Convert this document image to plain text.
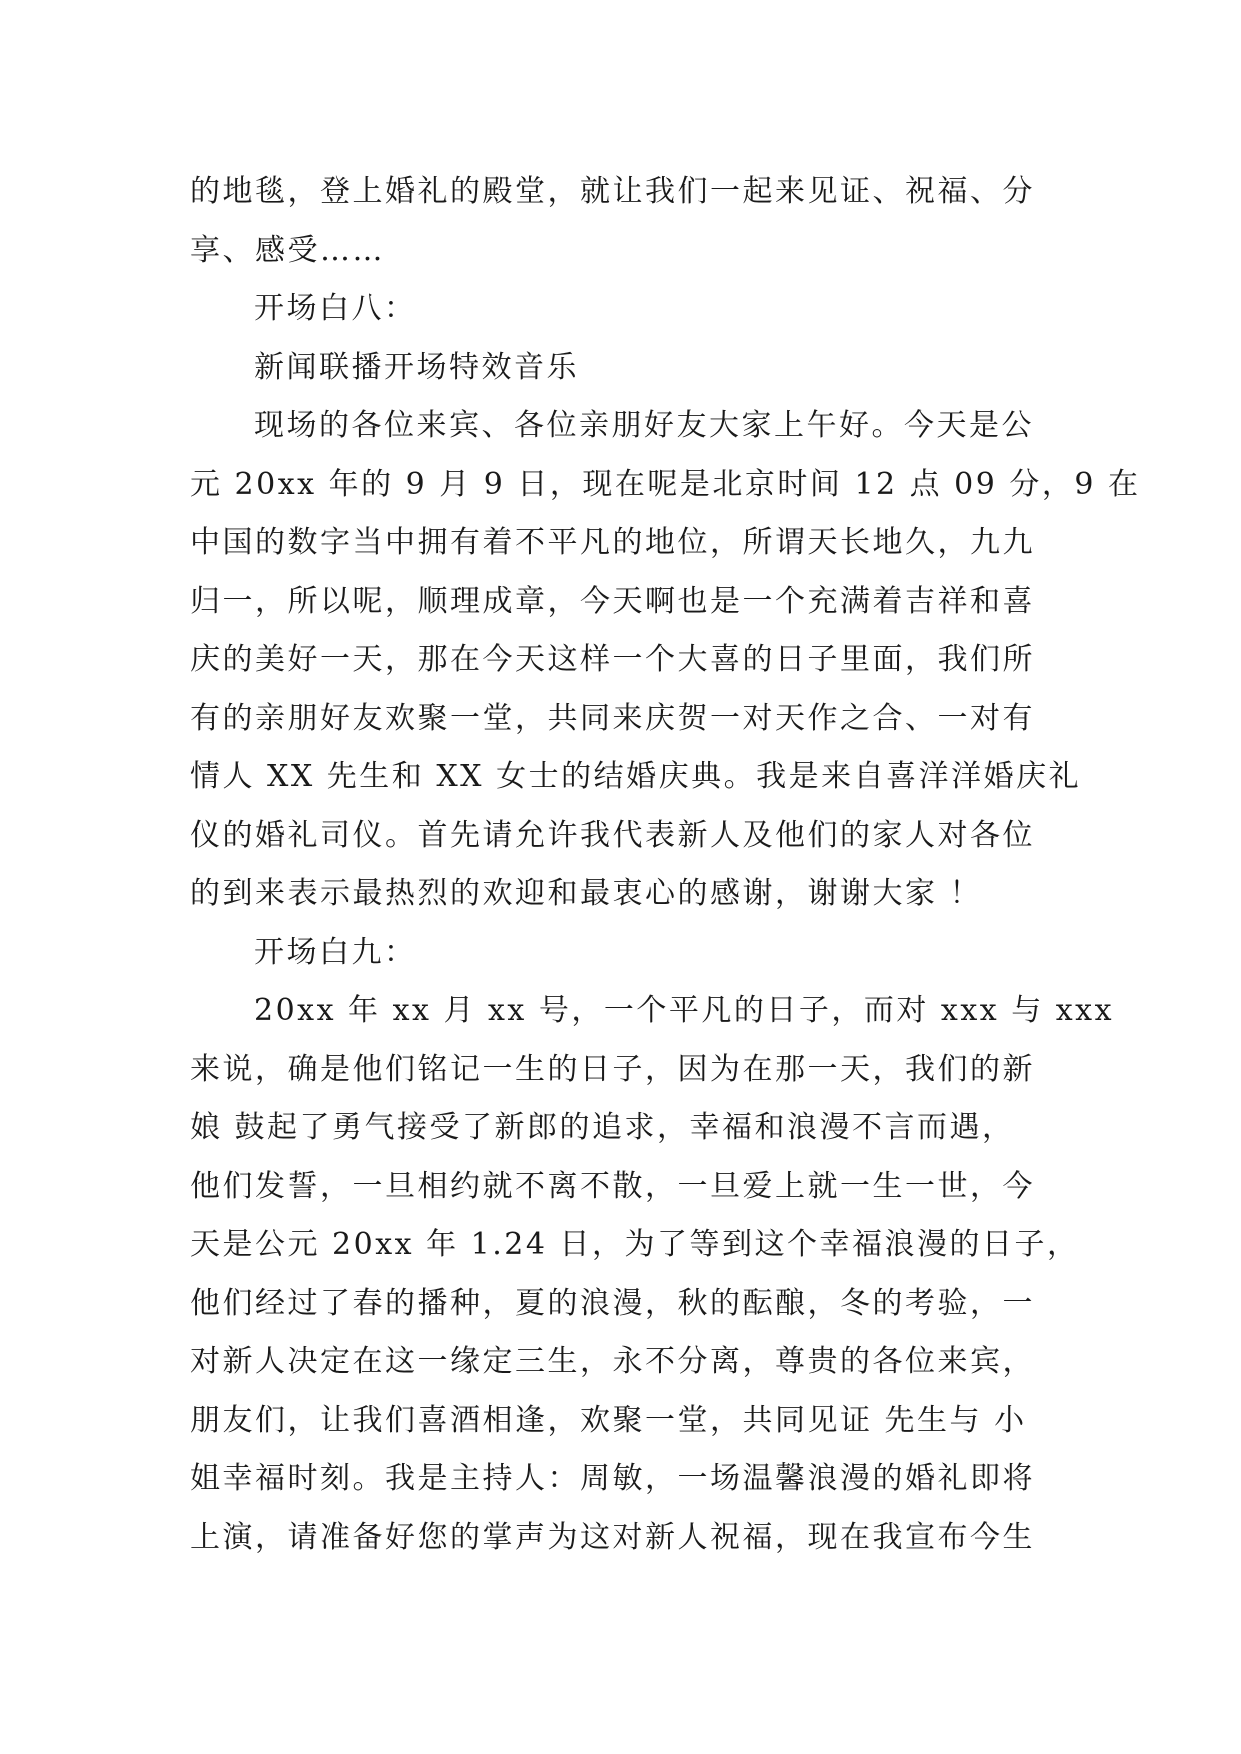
的地毯，登上婚礼的殿堂，就让我们一起来见证、祝福、分
享、感受……
开场白八：
新闻联播开场特效音乐
现场的各位来宾、各位亲朋好友大家上午好。今天是公
元 20xx 年的 9 月 9 日，现在呢是北京时间 12 点 09 分，9 在
中国的数字当中拥有着不平凡的地位，所谓天长地久，九九
归一，所以呢，顺理成章，今天啊也是一个充满着吉祥和喜
庆的美好一天，那在今天这样一个大喜的日子里面，我们所
有的亲朋好友欢聚一堂，共同来庆贺一对天作之合、一对有
情人 XX 先生和 XX 女士的结婚庆典。我是来自喜洋洋婚庆礼
仪的婚礼司仪。首先请允许我代表新人及他们的家人对各位
的到来表示最热烈的欢迎和最衷心的感谢，谢谢大家 ！
开场白九：
20xx 年 xx 月 xx 号，一个平凡的日子，而对 xxx 与 xxx
来说，确是他们铭记一生的日子，因为在那一天，我们的新
娘 鼓起了勇气接受了新郎的追求，幸福和浪漫不言而遇，
他们发誓，一旦相约就不离不散，一旦爱上就一生一世，今
天是公元 20xx 年 1.24 日，为了等到这个幸福浪漫的日子，
他们经过了春的播种，夏的浪漫，秋的酝酿，冬的考验，一
对新人决定在这一缘定三生，永不分离，尊贵的各位来宾，
朋友们，让我们喜酒相逢，欢聚一堂，共同见证 先生与 小
姐幸福时刻。我是主持人：周敏，一场温馨浪漫的婚礼即将
上演，请准备好您的掌声为这对新人祝福，现在我宣布今生
